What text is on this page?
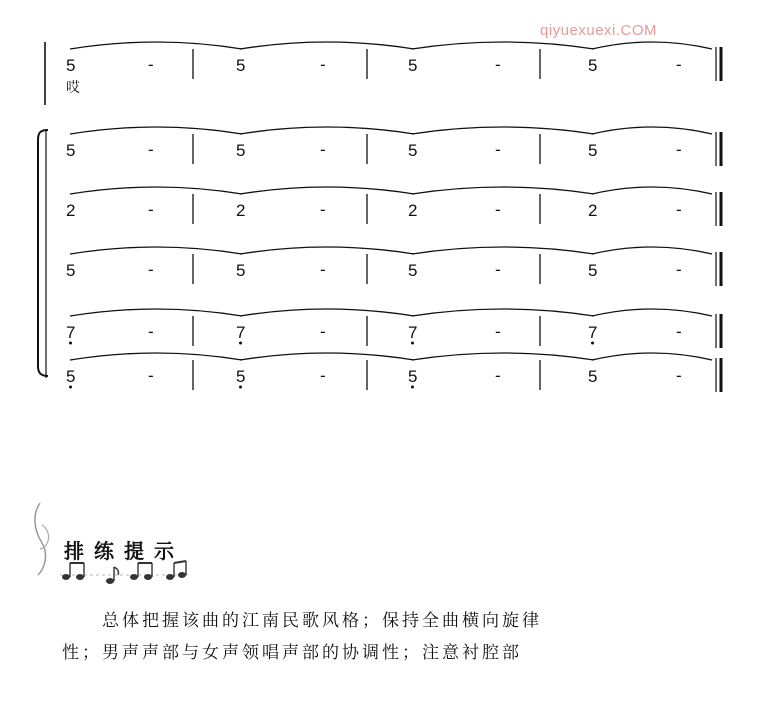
qiyuexuexi.COM
5	5	5	5
-	-	-	-
5	5	5	5
-	-	-	-
2	2	2	2
-	-	-	-
5	5	5	5
-	-	-	-
7	7	7	7
-	-	-	-
5	5	5	5
-	-	-	-
哎
排练提示
总体把握该曲的江南民歌风格；保持全曲横向旋律
性；男声声部与女声领唱声部的协调性；注意衬腔部
